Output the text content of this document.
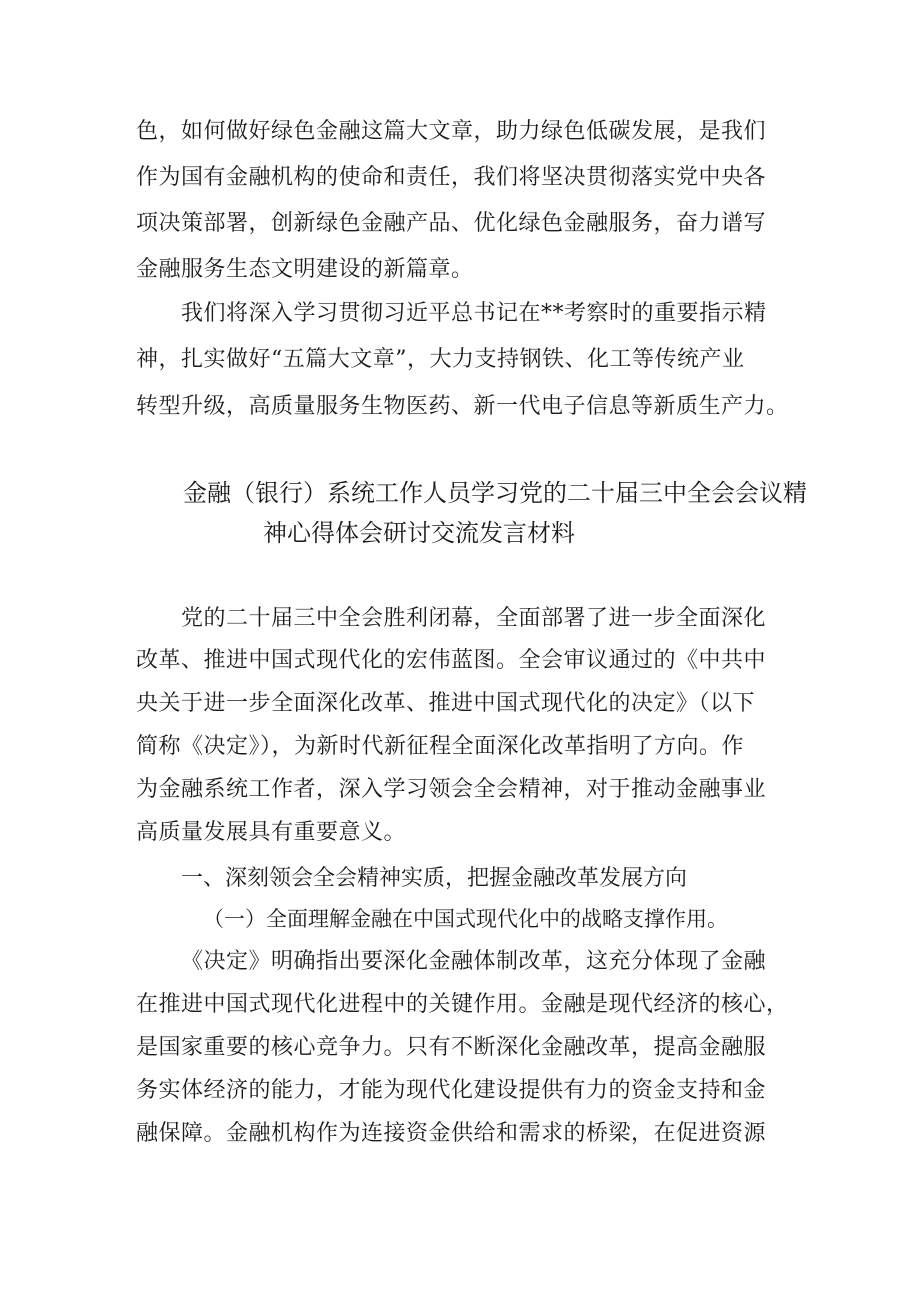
色，如何做好绿色金融这篇大文章，助力绿色低碳发展，是我们
作为国有金融机构的使命和责任，我们将坚决贯彻落实党中央各
项决策部署，创新绿色金融产品、优化绿色金融服务，奋力谱写
金融服务生态文明建设的新篇章。
我们将深入学习贯彻习近平总书记在**考察时的重要指示精
神，扎实做好“五篇大文章”，大力支持钢铁、化工等传统产业
转型升级，高质量服务生物医药、新一代电子信息等新质生产力。
金融（银行）系统工作人员学习党的二十届三中全会会议精
神心得体会研讨交流发言材料
党的二十届三中全会胜利闭幕，全面部署了进一步全面深化
改革、推进中国式现代化的宏伟蓝图。全会审议通过的《中共中
央关于进一步全面深化改革、推进中国式现代化的决定》（以下
简称《决定》），为新时代新征程全面深化改革指明了方向。作
为金融系统工作者，深入学习领会全会精神，对于推动金融事业
高质量发展具有重要意义。
一、深刻领会全会精神实质，把握金融改革发展方向
（一）全面理解金融在中国式现代化中的战略支撑作用。
《决定》明确指出要深化金融体制改革，这充分体现了金融
在推进中国式现代化进程中的关键作用。金融是现代经济的核心，
是国家重要的核心竞争力。只有不断深化金融改革，提高金融服
务实体经济的能力，才能为现代化建设提供有力的资金支持和金
融保障。金融机构作为连接资金供给和需求的桥梁，在促进资源
